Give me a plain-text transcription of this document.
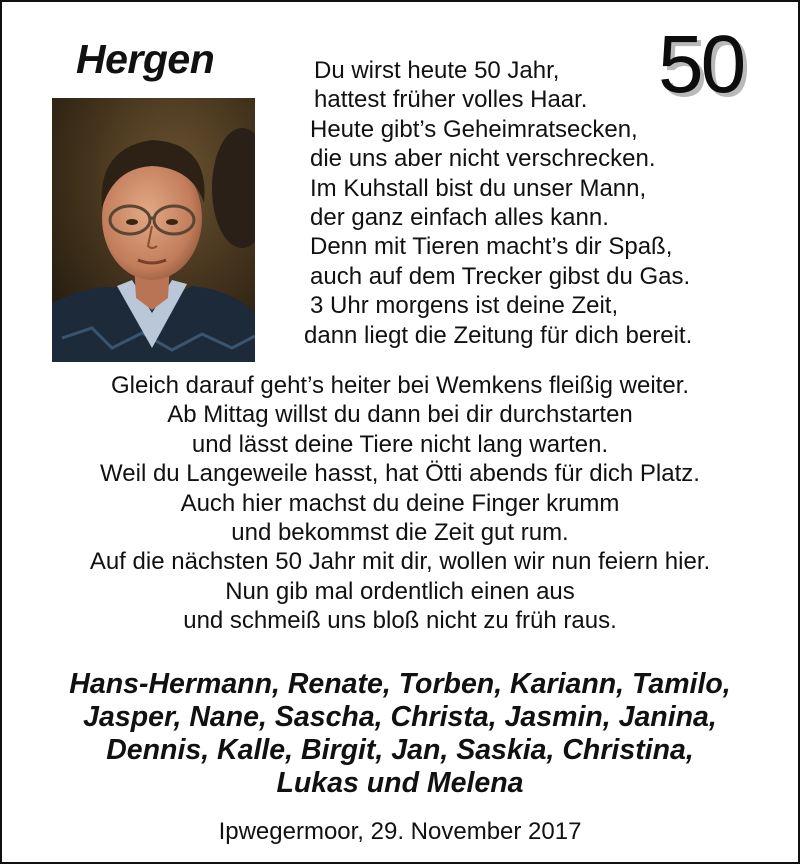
Hergen	50
Du wirst heute 50 Jahr,
hattest früher volles Haar.
Heute gibt’s Geheimratsecken,
die uns aber nicht verschrecken.
Im Kuhstall bist du unser Mann,
der ganz einfach alles kann.
Denn mit Tieren macht’s dir Spaß,
auch auf dem Trecker gibst du Gas.
3 Uhr morgens ist deine Zeit,
dann liegt die Zeitung für dich bereit.
Gleich darauf geht’s heiter bei Wemkens fleißig weiter.
Ab Mittag willst du dann bei dir durchstarten
und lässt deine Tiere nicht lang warten.
Weil du Langeweile hasst, hat Ötti abends für dich Platz.
Auch hier machst du deine Finger krumm
und bekommst die Zeit gut rum.
Auf die nächsten 50 Jahr mit dir, wollen wir nun feiern hier.
Nun gib mal ordentlich einen aus
und schmeiß uns bloß nicht zu früh raus.
Hans-Hermann, Renate, Torben, Kariann, Tamilo,
Jasper, Nane, Sascha, Christa, Jasmin, Janina,
Dennis, Kalle, Birgit, Jan, Saskia, Christina,
Lukas und Melena
Ipwegermoor, 29. November 2017
